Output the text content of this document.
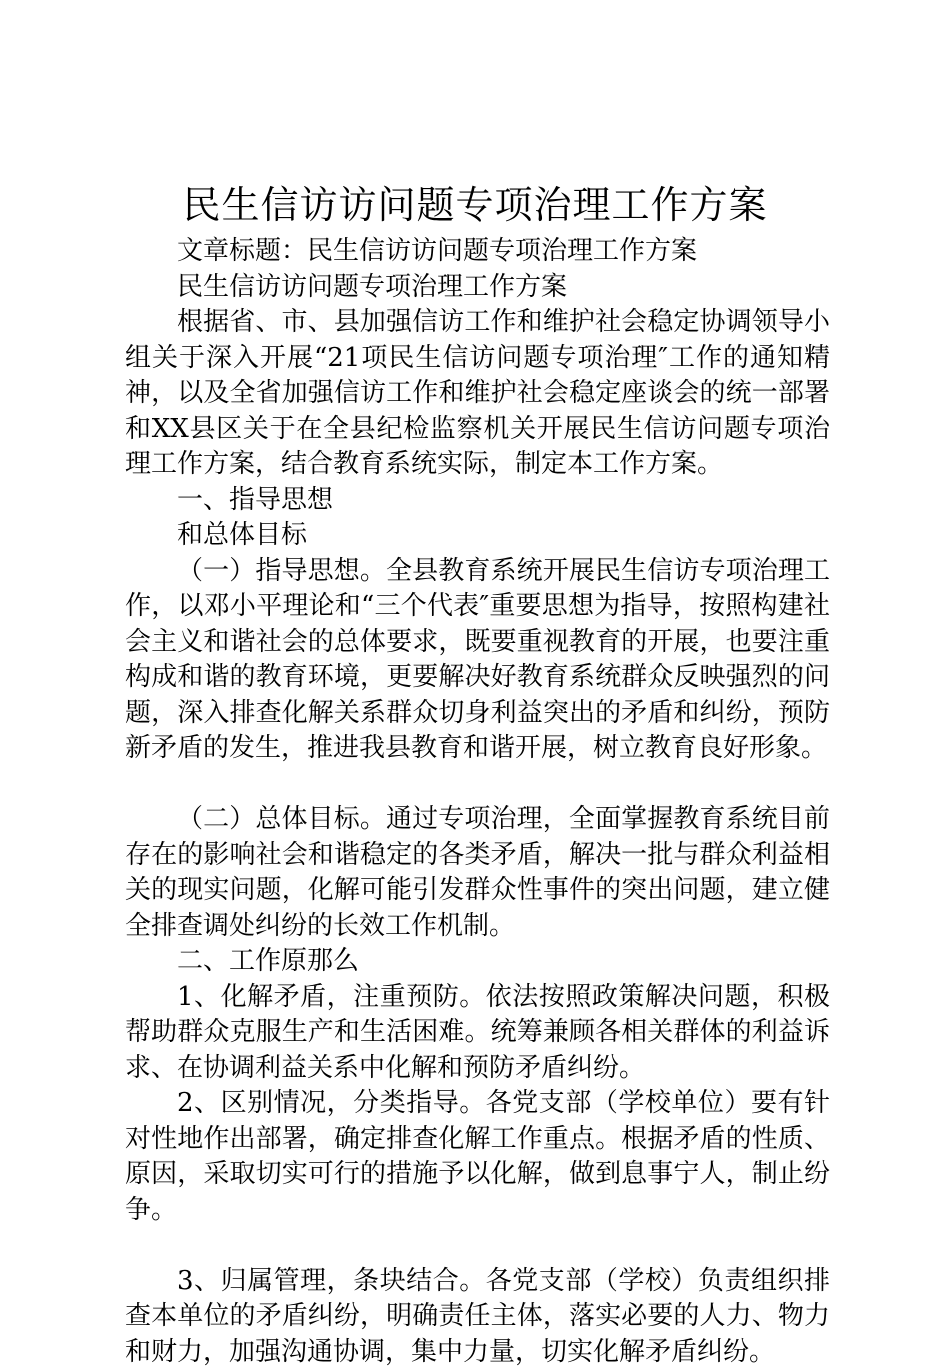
民生信访访问题专项治理工作方案

文章标题：民生信访访问题专项治理工作方案

民生信访访问题专项治理工作方案

根据省、市、县加强信访工作和维护社会稳定协调领导小组关于深入开展“21项民生信访问题专项治理″工作的通知精神，以及全省加强信访工作和维护社会稳定座谈会的统一部署和XX县区关于在全县纪检监察机关开展民生信访问题专项治理工作方案，结合教育系统实际，制定本工作方案。

一、指导思想

和总体目标

（一）指导思想。全县教育系统开展民生信访专项治理工作，以邓小平理论和“三个代表″重要思想为指导，按照构建社会主义和谐社会的总体要求，既要重视教育的开展，也要注重构成和谐的教育环境，更要解决好教育系统群众反映强烈的问题，深入排查化解关系群众切身利益突出的矛盾和纠纷，预防新矛盾的发生，推进我县教育和谐开展，树立教育良好形象。

（二）总体目标。通过专项治理，全面掌握教育系统目前存在的影响社会和谐稳定的各类矛盾，解决一批与群众利益相关的现实问题，化解可能引发群众性事件的突出问题，建立健全排查调处纠纷的长效工作机制。

二、工作原那么

1、化解矛盾，注重预防。依法按照政策解决问题，积极帮助群众克服生产和生活困难。统筹兼顾各相关群体的利益诉求、在协调利益关系中化解和预防矛盾纠纷。

2、区别情况，分类指导。各党支部（学校单位）要有针对性地作出部署，确定排查化解工作重点。根据矛盾的性质、原因，采取切实可行的措施予以化解，做到息事宁人，制止纷争。

3、归属管理，条块结合。各党支部（学校）负责组织排查本单位的矛盾纠纷，明确责任主体，落实必要的人力、物力和财力，加强沟通协调，集中力量，切实化解矛盾纠纷。
